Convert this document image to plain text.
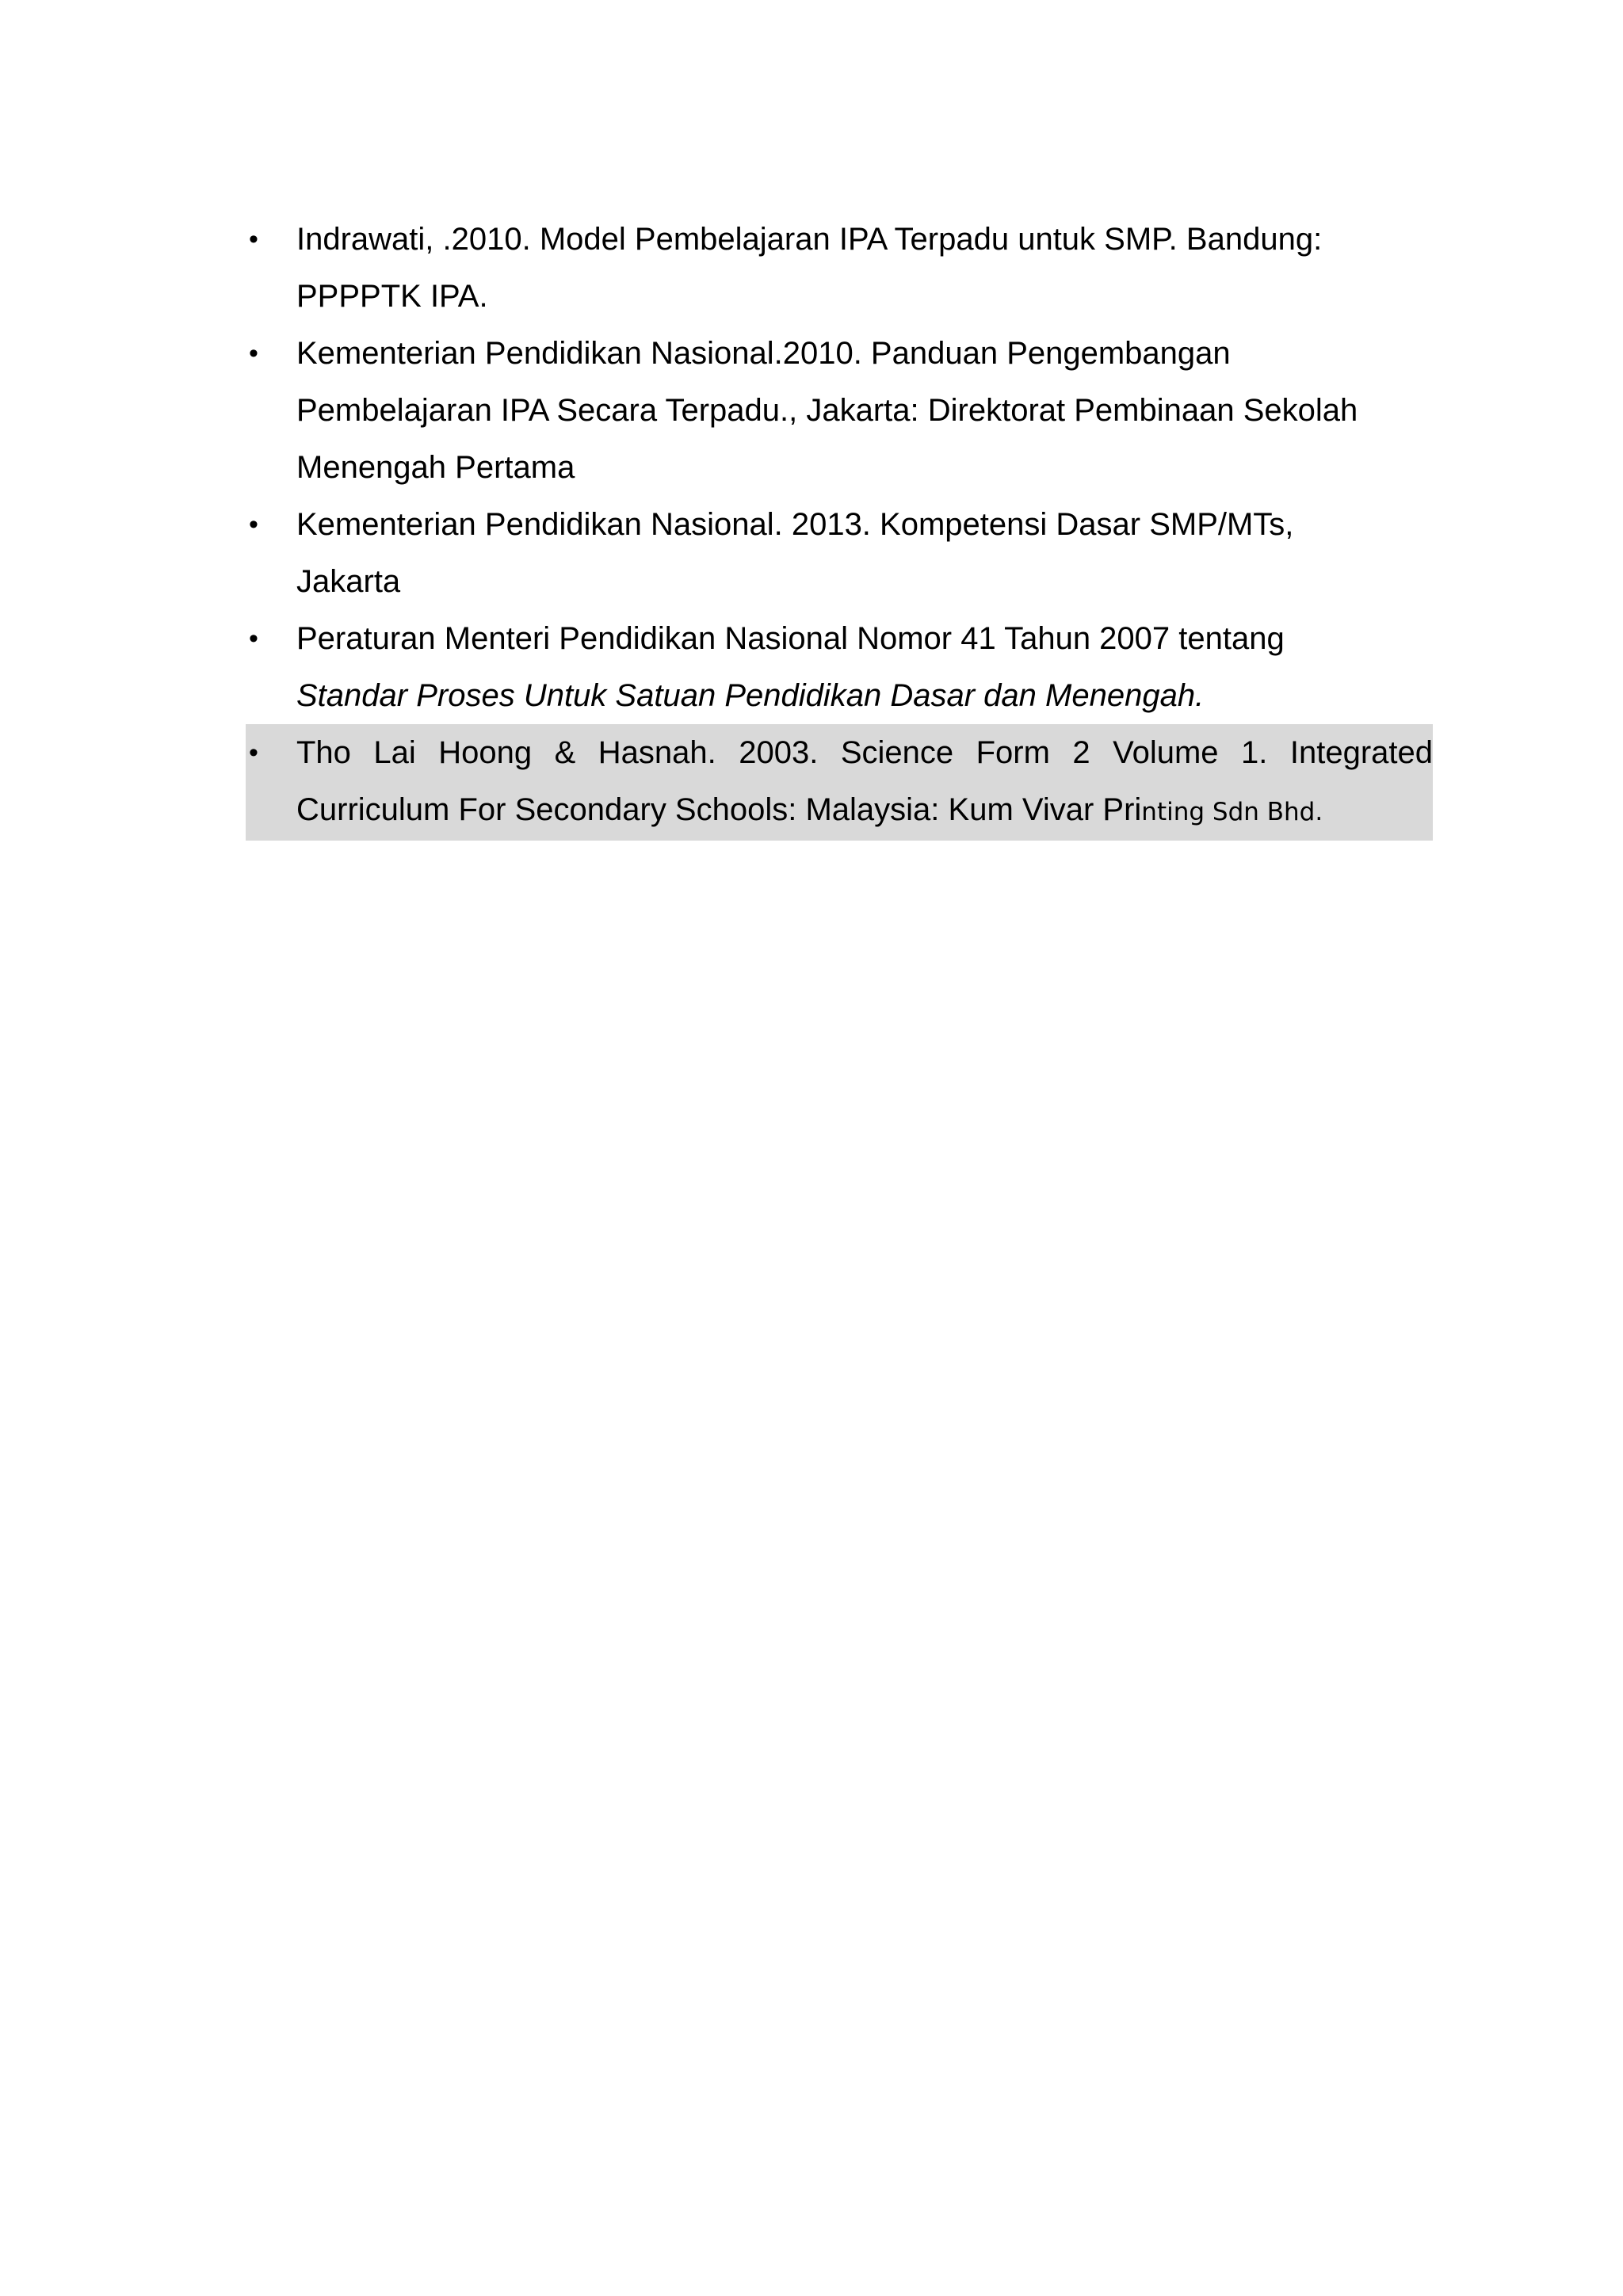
• Indrawati, .2010. Model Pembelajaran IPA Terpadu untuk SMP. Bandung:
PPPPTK IPA.
• Kementerian Pendidikan Nasional.2010. Panduan Pengembangan
Pembelajaran IPA Secara Terpadu., Jakarta: Direktorat Pembinaan Sekolah
Menengah Pertama
• Kementerian Pendidikan Nasional. 2013. Kompetensi Dasar SMP/MTs,
Jakarta
• Peraturan Menteri Pendidikan Nasional Nomor 41 Tahun 2007 tentang
Standar Proses Untuk Satuan Pendidikan Dasar dan Menengah.
• Tho Lai Hoong & Hasnah. 2003. Science Form 2 Volume 1. Integrated Curriculum For Secondary Schools: Malaysia: Kum Vivar Printing Sdn Bhd.
